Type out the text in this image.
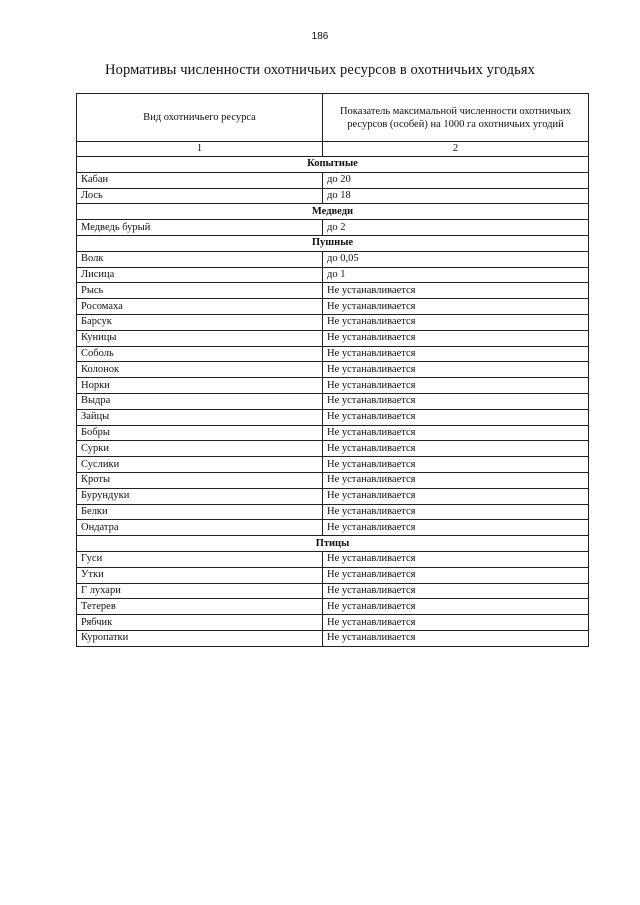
186
Нормативы численности охотничьих ресурсов в охотничьих угодьях
Вид охотничьего ресурса	Показатель максимальной численности охотничьих ресурсов (особей) на 1000 га охотничьих угодий
1	2
Копытные	
Кабан	до 20
Лось	до 18
Медведи	
Медведь бурый	до 2
Пушные	
Волк	до 0,05
Лисица	до 1
Рысь	Не устанавливается
Росомаха	Не устанавливается
Барсук	Не устанавливается
Куницы	Не устанавливается
Соболь	Не устанавливается
Колонок	Не устанавливается
Норки	Не устанавливается
Выдра	Не устанавливается
Зайцы	Не устанавливается
Бобры	Не устанавливается
Сурки	Не устанавливается
Суслики	Не устанавливается
Кроты	Не устанавливается
Бурундуки	Не устанавливается
Белки	Не устанавливается
Ондатра	Не устанавливается
Птицы	
Гуси	Не устанавливается
Утки	Не устанавливается
Г лухари	Не устанавливается
Тетерев	Не устанавливается
Рябчик	Не устанавливается
Куропатки	Не устанавливается
